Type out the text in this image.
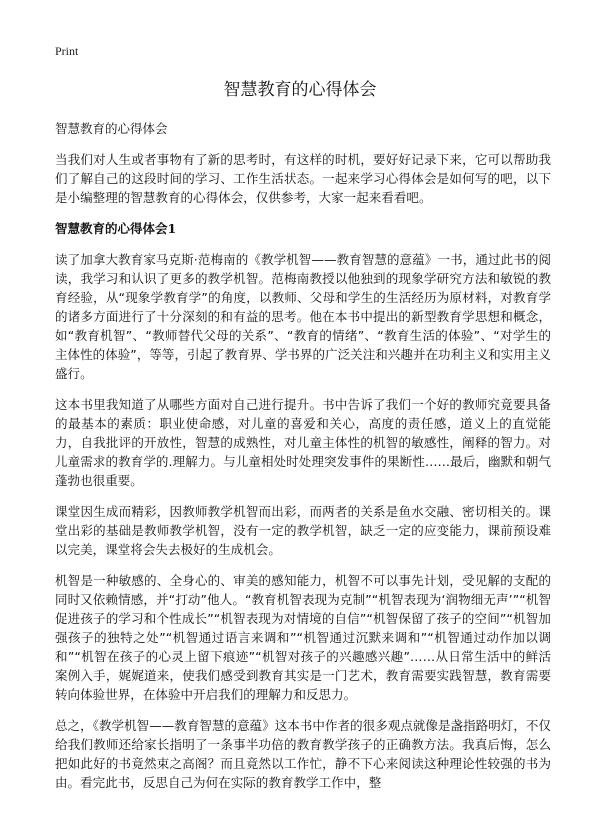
Print
智慧教育的心得体会

智慧教育的心得体会

当我们对人生或者事物有了新的思考时，有这样的时机，要好好记录下来，它可以帮助我们了解自己的这段时间的学习、工作生活状态。一起来学习心得体会是如何写的吧，以下是小编整理的智慧教育的心得体会，仅供参考，大家一起来看看吧。

智慧教育的心得体会1

读了加拿大教育家马克斯·范梅南的《教学机智——教育智慧的意蕴》一书，通过此书的阅读，我学习和认识了更多的教学机智。范梅南教授以他独到的现象学研究方法和敏锐的教育经验，从“现象学教育学”的角度，以教师、父母和学生的生活经历为原材料，对教育学的诸多方面进行了十分深刻的和有益的思考。他在本书中提出的新型教育学思想和概念，如“教育机智”、“教师替代父母的关系”、“教育的情绪”、“教育生活的体验”、“对学生的主体性的体验”，等等，引起了教育界、学书界的广泛关注和兴趣并在功利主义和实用主义盛行。

这本书里我知道了从哪些方面对自己进行提升。书中告诉了我们一个好的教师究竟要具备的最基本的素质：职业使命感，对儿童的喜爱和关心，高度的责任感，道义上的直觉能力，自我批评的开放性，智慧的成熟性，对儿童主体性的机智的敏感性，阐释的智力。对儿童需求的教育学的.理解力。与儿童相处时处理突发事件的果断性……最后，幽默和朝气蓬勃也很重要。

课堂因生成而精彩，因教师教学机智而出彩，而两者的关系是鱼水交融、密切相关的。课堂出彩的基础是教师教学机智，没有一定的教学机智，缺乏一定的应变能力，课前预设难以完美，课堂将会失去极好的生成机会。

机智是一种敏感的、全身心的、审美的感知能力，机智不可以事先计划，受见解的支配的同时又依赖情感，并“打动”他人。“教育机智表现为克制”“机智表现为‘润物细无声’”“机智促进孩子的学习和个性成长”“机智表现为对情境的自信”“机智保留了孩子的空间”“机智加强孩子的独特之处”“机智通过语言来调和”“机智通过沉默来调和”“机智通过动作加以调和”“机智在孩子的心灵上留下痕迹”“机智对孩子的兴趣感兴趣”……从日常生活中的鲜活案例入手，娓娓道来，使我们感受到教育其实是一门艺术，教育需要实践智慧，教育需要转向体验世界，在体验中开启我们的理解力和反思力。

总之，《教学机智——教育智慧的意蕴》这本书中作者的很多观点就像是盏指路明灯，不仅给我们教师还给家长指明了一条事半功倍的教育教学孩子的正确教方法。我真后悔，怎么把如此好的书竟然束之高阁？而且竟然以工作忙，静不下心来阅读这种理论性较强的书为由。看完此书，反思自己为何在实际的教育教学工作中，整
